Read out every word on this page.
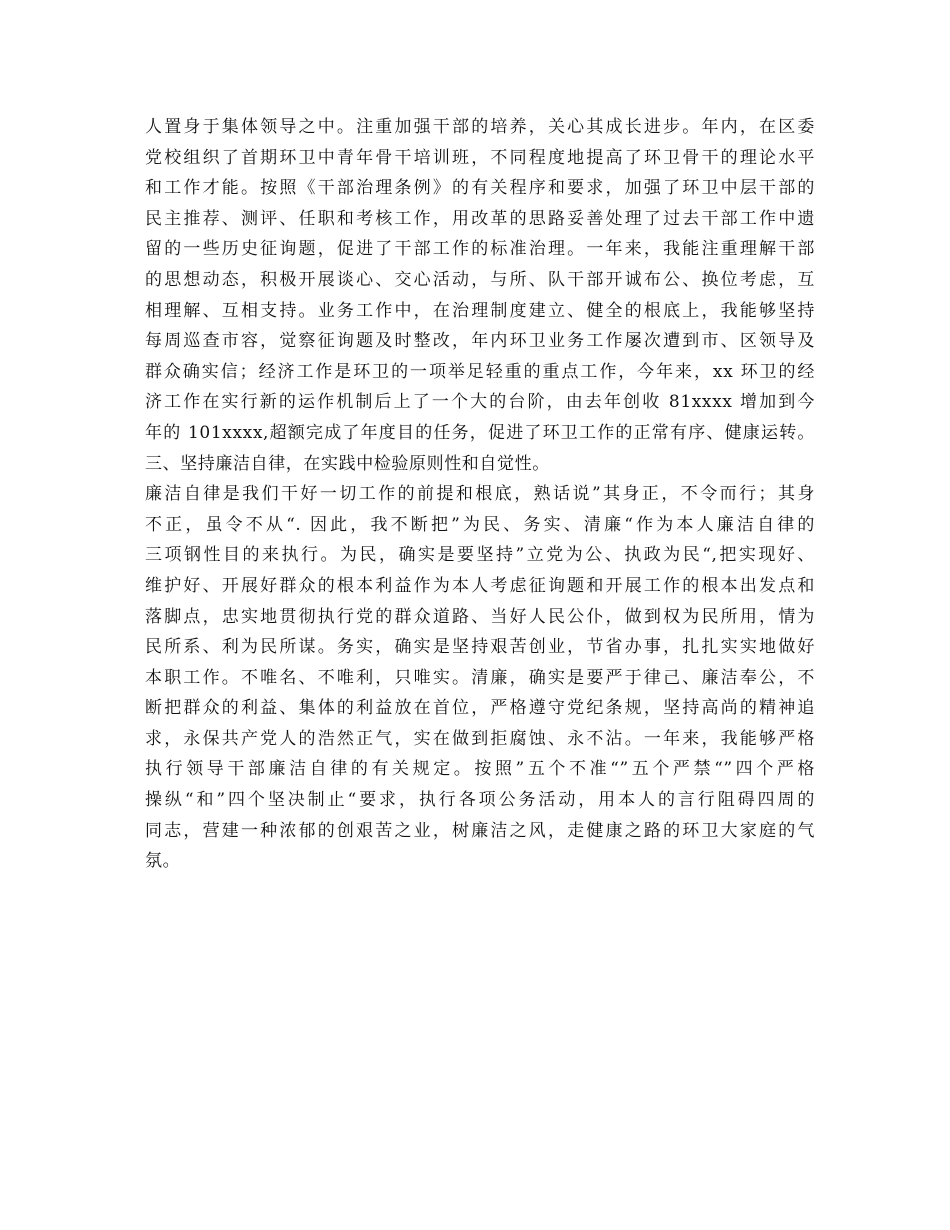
人置身于集体领导之中。注重加强干部的培养，关心其成长进步。年内，在区委
党校组织了首期环卫中青年骨干培训班，不同程度地提高了环卫骨干的理论水平
和工作才能。按照《干部治理条例》的有关程序和要求，加强了环卫中层干部的
民主推荐、测评、任职和考核工作，用改革的思路妥善处理了过去干部工作中遗
留的一些历史征询题，促进了干部工作的标准治理。一年来，我能注重理解干部
的思想动态，积极开展谈心、交心活动，与所、队干部开诚布公、换位考虑，互
相理解、互相支持。业务工作中，在治理制度建立、健全的根底上，我能够坚持
每周巡查市容，觉察征询题及时整改，年内环卫业务工作屡次遭到市、区领导及
群众确实信；经济工作是环卫的一项举足轻重的重点工作，今年来，xx 环卫的经
济工作在实行新的运作机制后上了一个大的台阶，由去年创收 81xxxx 增加到今
年的 101xxxx,超额完成了年度目的任务，促进了环卫工作的正常有序、健康运转。
三、坚持廉洁自律，在实践中检验原则性和自觉性。
廉洁自律是我们干好一切工作的前提和根底，熟话说”其身正，不令而行；其身
不正，虽令不从“. 因此，我不断把”为民、务实、清廉“作为本人廉洁自律的
三项钢性目的来执行。为民，确实是要坚持”立党为公、执政为民“,把实现好、
维护好、开展好群众的根本利益作为本人考虑征询题和开展工作的根本出发点和
落脚点，忠实地贯彻执行党的群众道路、当好人民公仆，做到权为民所用，情为
民所系、利为民所谋。务实，确实是坚持艰苦创业，节省办事，扎扎实实地做好
本职工作。不唯名、不唯利，只唯实。清廉，确实是要严于律己、廉洁奉公，不
断把群众的利益、集体的利益放在首位，严格遵守党纪条规，坚持高尚的精神追
求，永保共产党人的浩然正气，实在做到拒腐蚀、永不沾。一年来，我能够严格
执行领导干部廉洁自律的有关规定。按照”五个不准“”五个严禁“”四个严格
操纵“和”四个坚决制止“要求，执行各项公务活动，用本人的言行阻碍四周的
同志，营建一种浓郁的创艰苦之业，树廉洁之风，走健康之路的环卫大家庭的气
氛。
